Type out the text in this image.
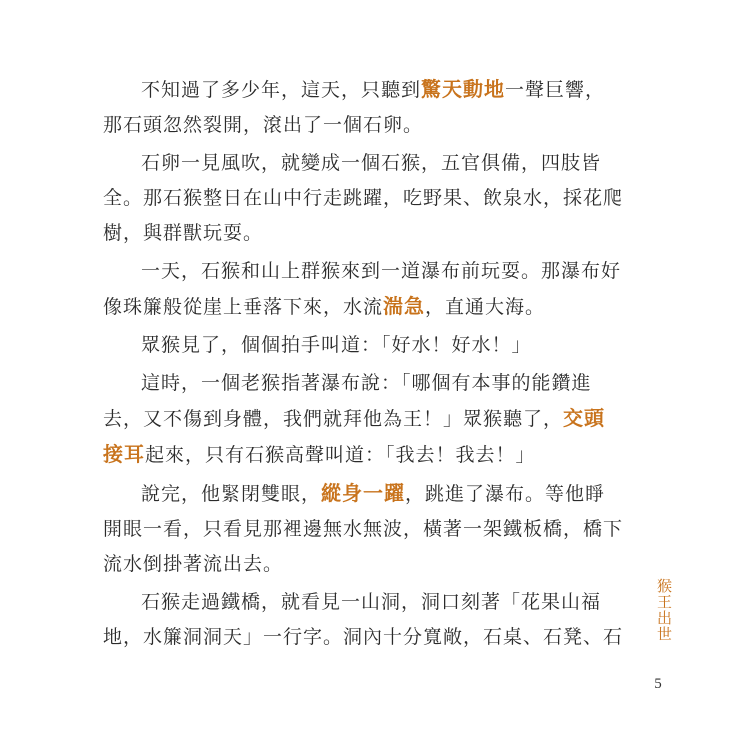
不知過了多少年，這天，只聽到驚天動地一聲巨響，那石頭忽然裂開，滾出了一個石卵。

石卵一見風吹，就變成一個石猴，五官俱備，四肢皆全。那石猴整日在山中行走跳躍，吃野果、飲泉水，採花爬樹，與群獸玩耍。

一天，石猴和山上群猴來到一道瀑布前玩耍。那瀑布好像珠簾般從崖上垂落下來，水流湍急，直通大海。

眾猴見了，個個拍手叫道：「好水！好水！」

這時，一個老猴指著瀑布說：「哪個有本事的能鑽進去，又不傷到身體，我們就拜他為王！」眾猴聽了，交頭接耳起來，只有石猴高聲叫道：「我去！我去！」

說完，他緊閉雙眼，縱身一躍，跳進了瀑布。等他睜開眼一看，只看見那裡邊無水無波，橫著一架鐵板橋，橋下流水倒掛著流出去。

石猴走過鐵橋，就看見一山洞，洞口刻著「花果山福地，水簾洞洞天」一行字。洞內十分寬敞，石桌、石凳、石 猴王出世
5
